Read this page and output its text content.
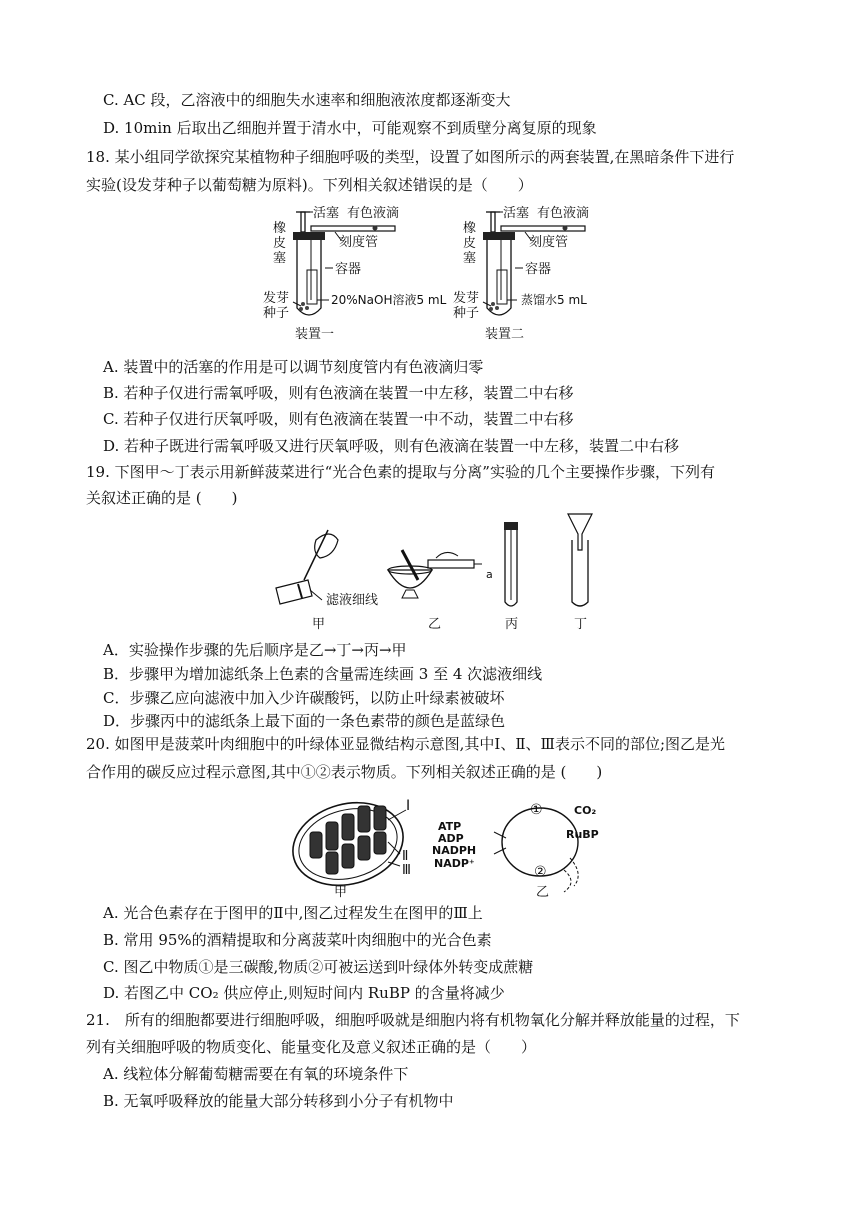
C. AC 段，乙溶液中的细胞失水速率和细胞液浓度都逐渐变大
D. 10min 后取出乙细胞并置于清水中，可能观察不到质壁分离复原的现象
18. 某小组同学欲探究某植物种子细胞呼吸的类型，设置了如图所示的两套装置,在黑暗条件下进行
实验(设发芽种子以葡萄糖为原料)。下列相关叙述错误的是（　　）
活塞 有色液滴
橡
皮
塞
刻度管
容器
发芽
种子
20%NaOH溶液5 mL
装置一
活塞 有色液滴
橡
皮
塞
刻度管
容器
发芽
种子
蒸馏水5 mL
装置二
A. 装置中的活塞的作用是可以调节刻度管内有色液滴归零
B. 若种子仅进行需氧呼吸，则有色液滴在装置一中左移，装置二中右移
C. 若种子仅进行厌氧呼吸，则有色液滴在装置一中不动，装置二中右移
D. 若种子既进行需氧呼吸又进行厌氧呼吸，则有色液滴在装置一中左移，装置二中右移
19. 下图甲～丁表示用新鲜菠菜进行“光合色素的提取与分离”实验的几个主要操作步骤，下列有
关叙述正确的是 (　　)
滤液细线
甲
a
乙	丙	丁
A．实验操作步骤的先后顺序是乙→丁→丙→甲
B．步骤甲为增加滤纸条上色素的含量需连续画 3 至 4 次滤液细线
C．步骤乙应向滤液中加入少许碳酸钙，以防止叶绿素被破坏
D．步骤丙中的滤纸条上最下面的一条色素带的颜色是蓝绿色
20. 如图甲是菠菜叶肉细胞中的叶绿体亚显微结构示意图,其中Ⅰ、Ⅱ、Ⅲ表示不同的部位;图乙是光
合作用的碳反应过程示意图,其中①②表示物质。下列相关叙述正确的是 (　　)
Ⅰ
Ⅱ
Ⅲ
甲
ATP
ADP
NADPH
NADP⁺
①	CO₂
RuBP
②
乙
A. 光合色素存在于图甲的Ⅱ中,图乙过程发生在图甲的Ⅲ上
B. 常用 95%的酒精提取和分离菠菜叶肉细胞中的光合色素
C. 图乙中物质①是三碳酸,物质②可被运送到叶绿体外转变成蔗糖
D. 若图乙中 CO₂ 供应停止,则短时间内 RuBP 的含量将减少
21.　所有的细胞都要进行细胞呼吸，细胞呼吸就是细胞内将有机物氧化分解并释放能量的过程，下
列有关细胞呼吸的物质变化、能量变化及意义叙述正确的是（　　）
A. 线粒体分解葡萄糖需要在有氧的环境条件下
B. 无氧呼吸释放的能量大部分转移到小分子有机物中
